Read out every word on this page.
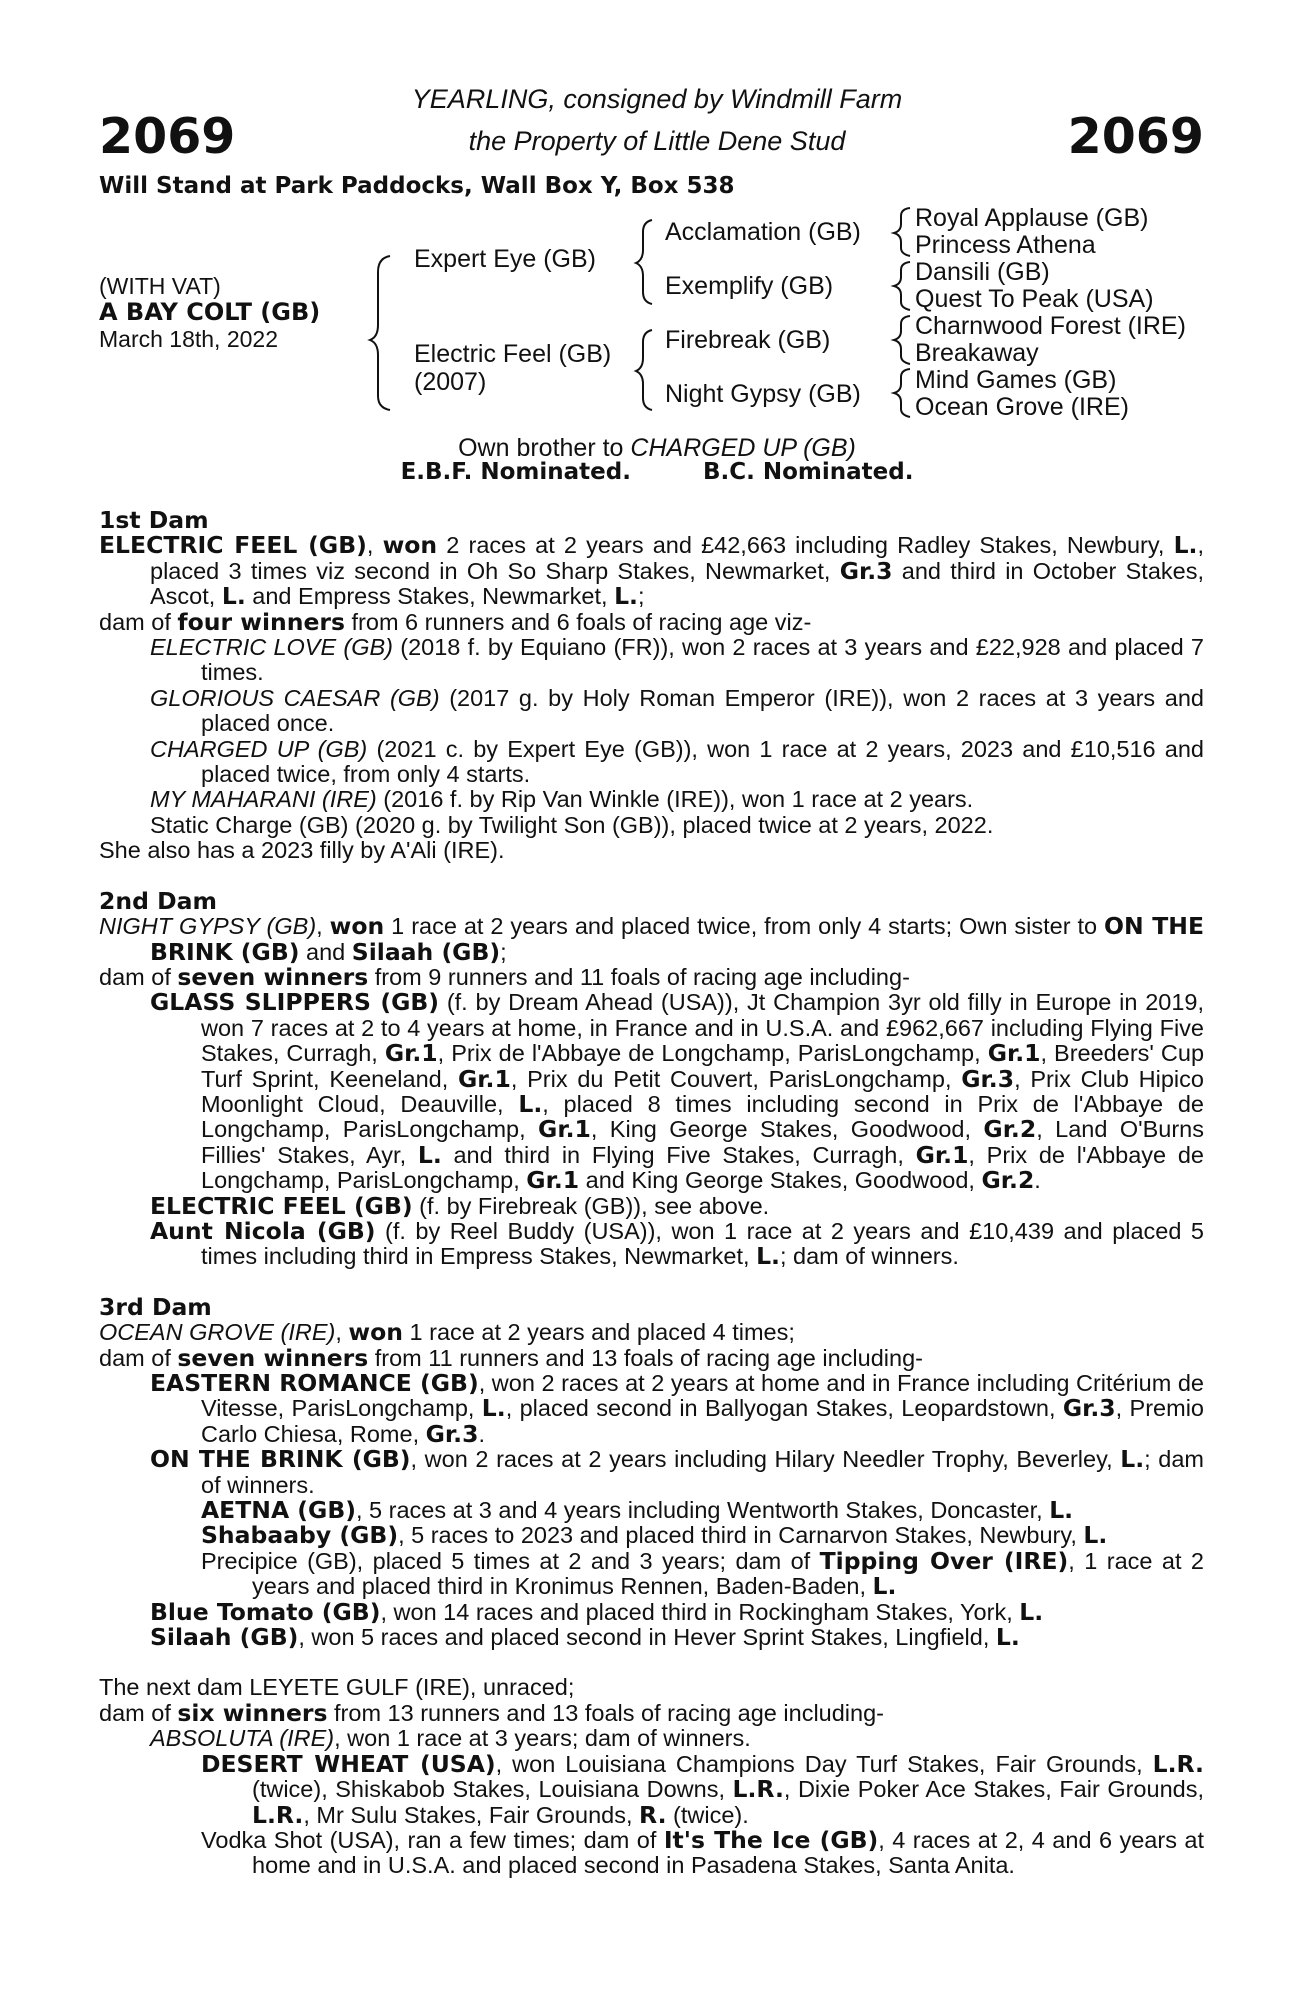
2069	2069
YEARLING, consigned by Windmill Farm
the Property of Little Dene Stud
Will Stand at Park Paddocks, Wall Box Y, Box 538
(WITH VAT)
A BAY COLT (GB)
March 18th, 2022
Expert Eye (GB)
Electric Feel (GB)
(2007)
Acclamation (GB)
Exemplify (GB)
Firebreak (GB)
Night Gypsy (GB)
Royal Applause (GB)
Princess Athena
Dansili (GB)
Quest To Peak (USA)
Charnwood Forest (IRE)
Breakaway
Mind Games (GB)
Ocean Grove (IRE)
Own brother to CHARGED UP (GB)
E.B.F. Nominated.	B.C. Nominated.

1st Dam

ELECTRIC FEEL (GB), won 2 races at 2 years and £42,663 including Radley Stakes, Newbury, L., placed 3 times viz second in Oh So Sharp Stakes, Newmarket, Gr.3 and third in October Stakes, Ascot, L. and Empress Stakes, Newmarket, L.;

dam of four winners from 6 runners and 6 foals of racing age viz-

ELECTRIC LOVE (GB) (2018 f. by Equiano (FR)), won 2 races at 3 years and £22,928 and placed 7 times.

GLORIOUS CAESAR (GB) (2017 g. by Holy Roman Emperor (IRE)), won 2 races at 3 years and placed once.

CHARGED UP (GB) (2021 c. by Expert Eye (GB)), won 1 race at 2 years, 2023 and £10,516 and placed twice, from only 4 starts.

MY MAHARANI (IRE) (2016 f. by Rip Van Winkle (IRE)), won 1 race at 2 years.

Static Charge (GB) (2020 g. by Twilight Son (GB)), placed twice at 2 years, 2022.

She also has a 2023 filly by A'Ali (IRE).

2nd Dam

NIGHT GYPSY (GB), won 1 race at 2 years and placed twice, from only 4 starts; Own sister to ON THE BRINK (GB) and Silaah (GB);

dam of seven winners from 9 runners and 11 foals of racing age including-

GLASS SLIPPERS (GB) (f. by Dream Ahead (USA)), Jt Champion 3yr old filly in Europe in 2019, won 7 races at 2 to 4 years at home, in France and in U.S.A. and £962,667 including Flying Five Stakes, Curragh, Gr.1, Prix de l'Abbaye de Longchamp, ParisLongchamp, Gr.1, Breeders' Cup Turf Sprint, Keeneland, Gr.1, Prix du Petit Couvert, ParisLongchamp, Gr.3, Prix Club Hipico Moonlight Cloud, Deauville, L., placed 8 times including second in Prix de l'Abbaye de Longchamp, ParisLongchamp, Gr.1, King George Stakes, Goodwood, Gr.2, Land O'Burns Fillies' Stakes, Ayr, L. and third in Flying Five Stakes, Curragh, Gr.1, Prix de l'Abbaye de Longchamp, ParisLongchamp, Gr.1 and King George Stakes, Goodwood, Gr.2.

ELECTRIC FEEL (GB) (f. by Firebreak (GB)), see above.

Aunt Nicola (GB) (f. by Reel Buddy (USA)), won 1 race at 2 years and £10,439 and placed 5 times including third in Empress Stakes, Newmarket, L.; dam of winners.

3rd Dam

OCEAN GROVE (IRE), won 1 race at 2 years and placed 4 times;

dam of seven winners from 11 runners and 13 foals of racing age including-

EASTERN ROMANCE (GB), won 2 races at 2 years at home and in France including Critérium de Vitesse, ParisLongchamp, L., placed second in Ballyogan Stakes, Leopardstown, Gr.3, Premio Carlo Chiesa, Rome, Gr.3.

ON THE BRINK (GB), won 2 races at 2 years including Hilary Needler Trophy, Beverley, L.; dam of winners.

AETNA (GB), 5 races at 3 and 4 years including Wentworth Stakes, Doncaster, L.

Shabaaby (GB), 5 races to 2023 and placed third in Carnarvon Stakes, Newbury, L.

Precipice (GB), placed 5 times at 2 and 3 years; dam of Tipping Over (IRE), 1 race at 2 years and placed third in Kronimus Rennen, Baden-Baden, L.

Blue Tomato (GB), won 14 races and placed third in Rockingham Stakes, York, L.

Silaah (GB), won 5 races and placed second in Hever Sprint Stakes, Lingfield, L.

The next dam LEYETE GULF (IRE), unraced;

dam of six winners from 13 runners and 13 foals of racing age including-

ABSOLUTA (IRE), won 1 race at 3 years; dam of winners.

DESERT WHEAT (USA), won Louisiana Champions Day Turf Stakes, Fair Grounds, L.R. (twice), Shiskabob Stakes, Louisiana Downs, L.R., Dixie Poker Ace Stakes, Fair Grounds, L.R., Mr Sulu Stakes, Fair Grounds, R. (twice).

Vodka Shot (USA), ran a few times; dam of It's The Ice (GB), 4 races at 2, 4 and 6 years at home and in U.S.A. and placed second in Pasadena Stakes, Santa Anita.
